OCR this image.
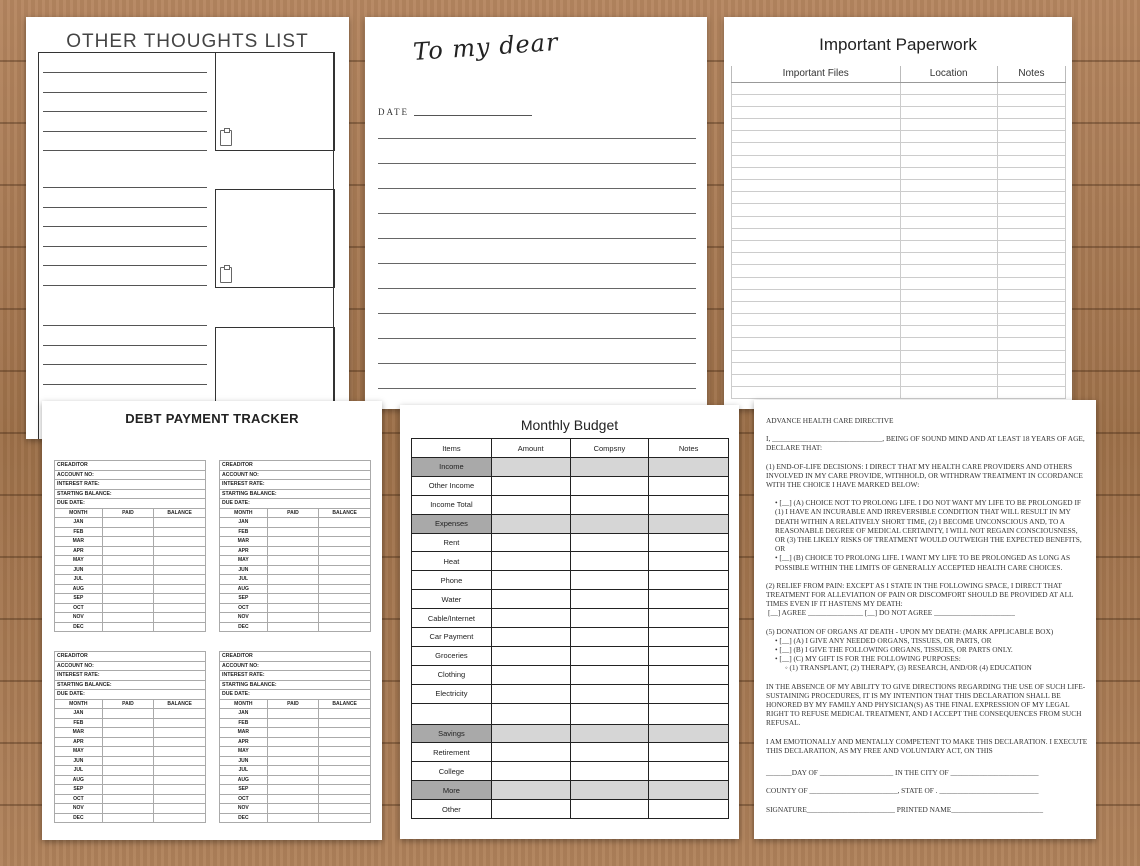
OTHER THOUGHTS LIST	To my dear
DATE
Important Paperwork
Important Files	Location	Notes

DEBT PAYMENT TRACKER
CREADITOR		
ACCOUNT NO:		
INTEREST RATE:		
STARTING BALANCE:		
DUE DATE:		
MONTH	PAID	BALANCE
JAN		
FEB		
MAR		
APR		
MAY		
JUN		
JUL		
AUG		
SEP		
OCT		
NOV		
DEC		
CREADITOR		
ACCOUNT NO:		
INTEREST RATE:		
STARTING BALANCE:		
DUE DATE:		
MONTH	PAID	BALANCE
JAN		
FEB		
MAR		
APR		
MAY		
JUN		
JUL		
AUG		
SEP		
OCT		
NOV		
DEC		
CREADITOR		
ACCOUNT NO:		
INTEREST RATE:		
STARTING BALANCE:		
DUE DATE:		
MONTH	PAID	BALANCE
JAN		
FEB		
MAR		
APR		
MAY		
JUN		
JUL		
AUG		
SEP		
OCT		
NOV		
DEC		
CREADITOR		
ACCOUNT NO:		
INTEREST RATE:		
STARTING BALANCE:		
DUE DATE:		
MONTH	PAID	BALANCE
JAN		
FEB		
MAR		
APR		
MAY		
JUN		
JUL		
AUG		
SEP		
OCT		
NOV		
DEC		
Monthly Budget
Items	Amount	Compsny	Notes
Income			
Other Income			
Income Total			
Expenses			
Rent			
Heat			
Phone			
Water			
Cable/Internet			
Car Payment			
Groceries			
Clothing			
Electricity			

Savings			
Retirement			
College			
More			
Other			

ADVANCE HEALTH CARE DIRECTIVE

I, ______________________________, BEING OF SOUND MIND AND AT LEAST 18 YEARS OF AGE, DECLARE THAT:

(1) END-OF-LIFE DECISIONS: I DIRECT THAT MY HEALTH CARE PROVIDERS AND OTHERS INVOLVED IN MY CARE PROVIDE, WITHHOLD, OR WITHDRAW TREATMENT IN CCORDANCE WITH THE CHOICE I HAVE MARKED BELOW:

• [__] (A) CHOICE NOT TO PROLONG LIFE. I DO NOT WANT MY LIFE TO BE PROLONGED IF (1) I HAVE AN INCURABLE AND IRREVERSIBLE CONDITION THAT WILL RESULT IN MY DEATH WITHIN A RELATIVELY SHORT TIME, (2) I BECOME UNCONSCIOUS AND, TO A REASONABLE DEGREE OF MEDICAL CERTAINTY, I WILL NOT REGAIN CONSCIOUSNESS, OR (3) THE LIKELY RISKS OF TREATMENT WOULD OUTWEIGH THE EXPECTED BENEFITS, OR

• [__] (B) CHOICE TO PROLONG LIFE. I WANT MY LIFE TO BE PROLONGED AS LONG AS POSSIBLE WITHIN THE LIMITS OF GENERALLY ACCEPTED HEALTH CARE CHOICES.

(2) RELIEF FROM PAIN: EXCEPT AS I STATE IN THE FOLLOWING SPACE, I DIRECT THAT TREATMENT FOR ALLEVIATION OF PAIN OR DISCOMFORT SHOULD BE PROVIDED AT ALL TIMES EVEN IF IT HASTENS MY DEATH:

[__] AGREE _______________ [__] DO NOT AGREE ______________________

(5) DONATION OF ORGANS AT DEATH - UPON MY DEATH: (MARK APPLICABLE BOX)

• [__] (A) I GIVE ANY NEEDED ORGANS, TISSUES, OR PARTS, OR

• [__] (B) I GIVE THE FOLLOWING ORGANS, TISSUES, OR PARTS ONLY.

• [__] (C) MY GIFT IS FOR THE FOLLOWING PURPOSES:

◦ (1) TRANSPLANT, (2) THERAPY, (3) RESEARCH, AND/OR (4) EDUCATION

IN THE ABSENCE OF MY ABILITY TO GIVE DIRECTIONS REGARDING THE USE OF SUCH LIFE-SUSTAINING PROCEDURES, IT IS MY INTENTION THAT THIS DECLARATION SHALL BE HONORED BY MY FAMILY AND PHYSICIAN(S) AS THE FINAL EXPRESSION OF MY LEGAL RIGHT TO REFUSE MEDICAL TREATMENT, AND I ACCEPT THE CONSEQUENCES FROM SUCH REFUSAL.

I AM EMOTIONALLY AND MENTALLY COMPETENT TO MAKE THIS DECLARATION. I EXECUTE THIS DECLARATION, AS MY FREE AND VOLUNTARY ACT, ON THIS

_______DAY OF ____________________ IN THE CITY OF ________________________

COUNTY OF ________________________, STATE OF . ___________________________

SIGNATURE________________________ PRINTED NAME_________________________
